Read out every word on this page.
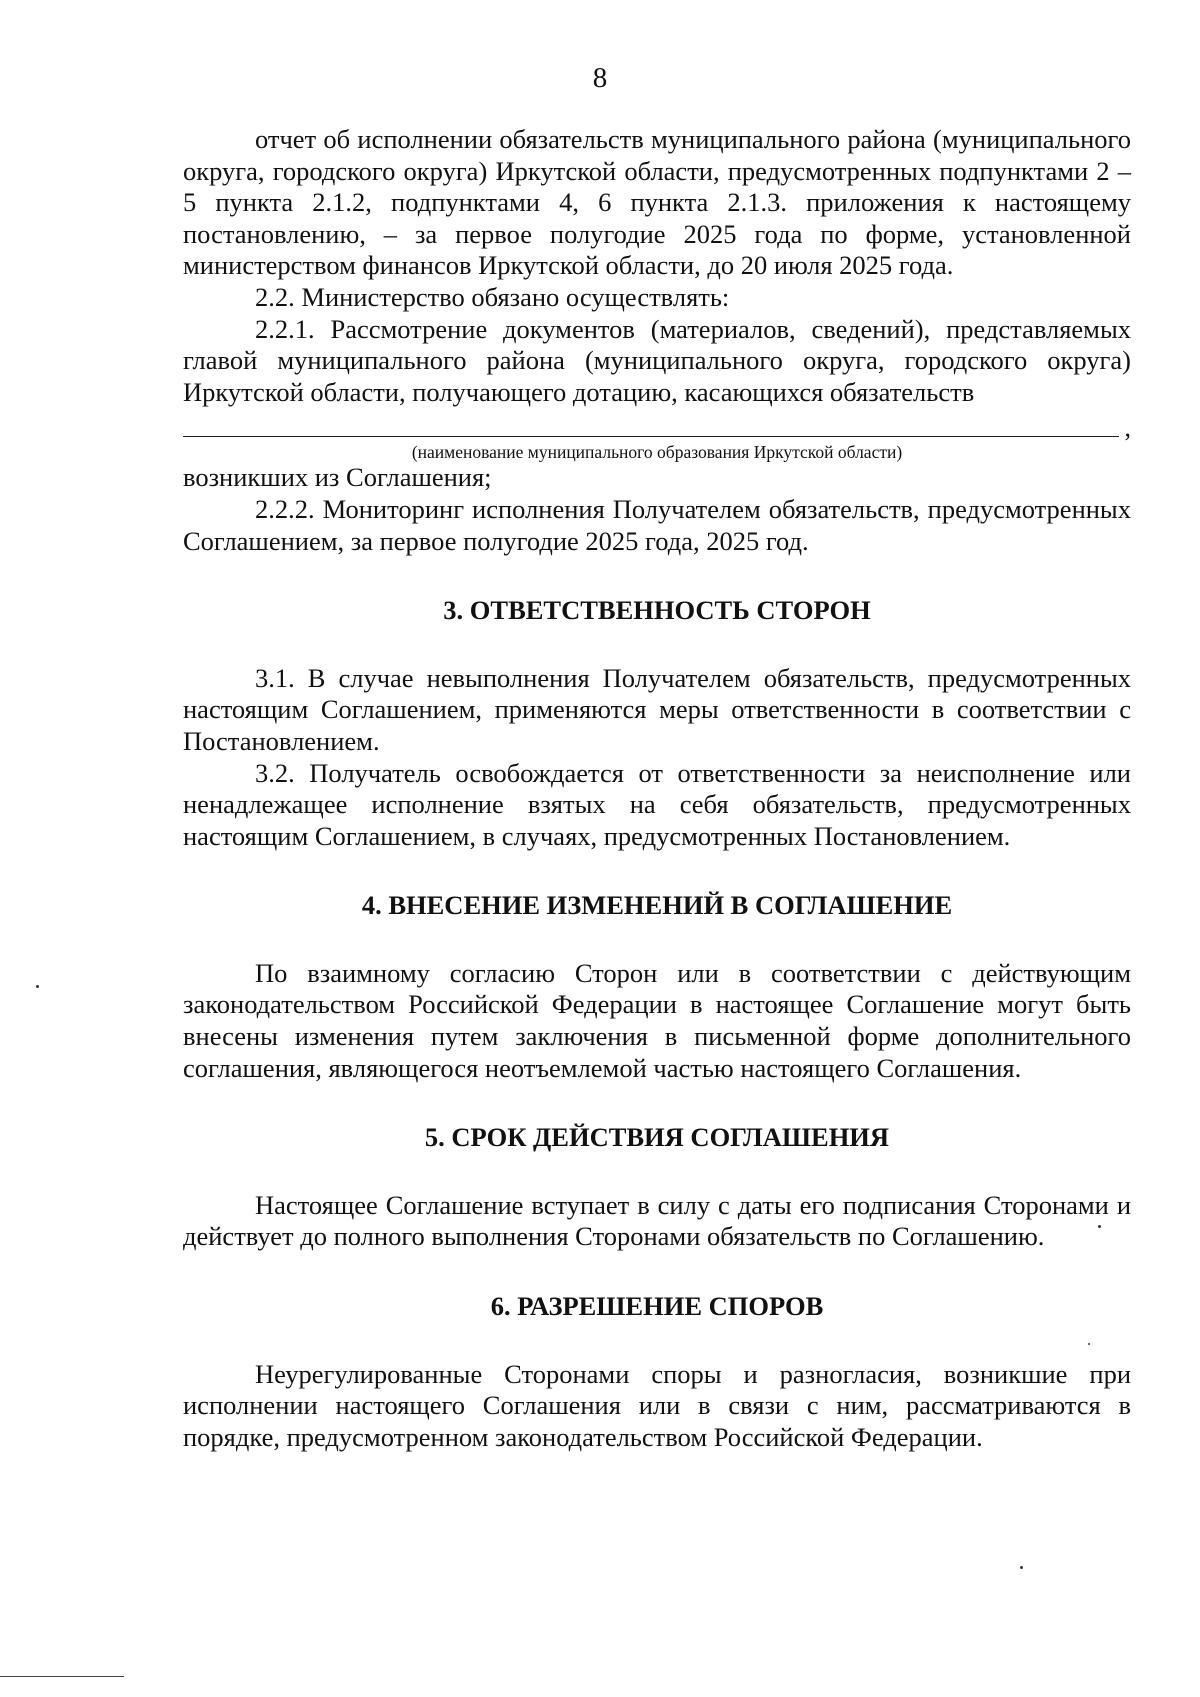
8

отчет об исполнении обязательств муниципального района (муниципального округа, городского округа) Иркутской области, предусмотренных подпунктами 2 – 5 пункта 2.1.2, подпунктами 4, 6 пункта 2.1.3. приложения к настоящему постановлению, – за первое полугодие 2025 года по форме, установленной министерством финансов Иркутской области, до 20 июля 2025 года.

2.2. Министерство обязано осуществлять:

2.2.1. Рассмотрение документов (материалов, сведений), представляемых главой муниципального района (муниципального округа, городского округа) Иркутской области, получающего дотацию, касающихся обязательств

,

(наименование муниципального образования Иркутской области)

возникших из Соглашения;

2.2.2. Мониторинг исполнения Получателем обязательств, предусмотренных Соглашением, за первое полугодие 2025 года, 2025 год.

3. ОТВЕТСТВЕННОСТЬ СТОРОН

3.1. В случае невыполнения Получателем обязательств, предусмотренных настоящим Соглашением, применяются меры ответственности в соответствии с Постановлением.

3.2. Получатель освобождается от ответственности за неисполнение или ненадлежащее исполнение взятых на себя обязательств, предусмотренных настоящим Соглашением, в случаях, предусмотренных Постановлением.

4. ВНЕСЕНИЕ ИЗМЕНЕНИЙ В СОГЛАШЕНИЕ

По взаимному согласию Сторон или в соответствии с действующим законодательством Российской Федерации в настоящее Соглашение могут быть внесены изменения путем заключения в письменной форме дополнительного соглашения, являющегося неотъемлемой частью настоящего Соглашения.

5. СРОК ДЕЙСТВИЯ СОГЛАШЕНИЯ

Настоящее Соглашение вступает в силу с даты его подписания Сторонами и действует до полного выполнения Сторонами обязательств по Соглашению.

6. РАЗРЕШЕНИЕ СПОРОВ

Неурегулированные Сторонами споры и разногласия, возникшие при исполнении настоящего Соглашения или в связи с ним, рассматриваются в порядке, предусмотренном законодательством Российской Федерации.
